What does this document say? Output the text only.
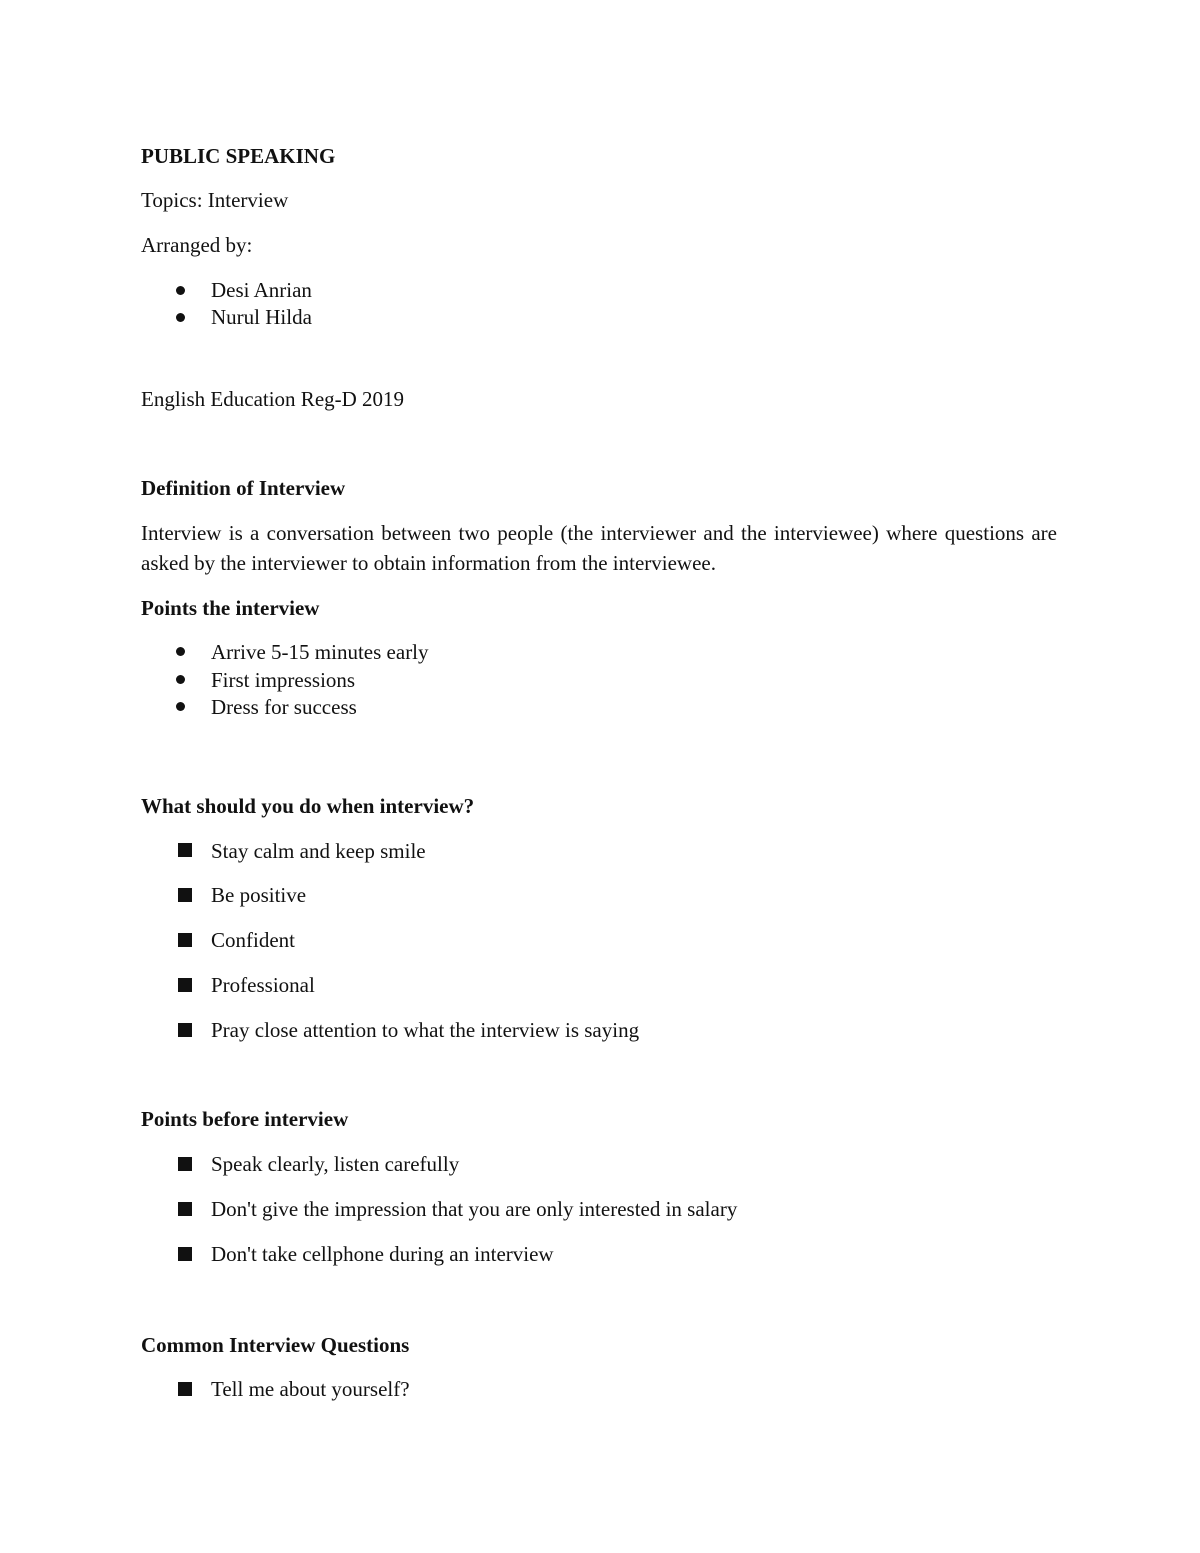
PUBLIC SPEAKING

Topics: Interview

Arranged by:

Desi Anrian

Nurul Hilda

English Education Reg-D 2019

Definition of Interview

Interview is a conversation between two people (the interviewer and the interviewee) where questions are asked by the interviewer to obtain information from the interviewee.

Points the interview

Arrive 5-15 minutes early

First impressions

Dress for success

What should you do when interview?

Stay calm and keep smile

Be positive

Confident

Professional

Pray close attention to what the interview is saying

Points before interview

Speak clearly, listen carefully

Don't give the impression that you are only interested in salary

Don't take cellphone during an interview

Common Interview Questions

Tell me about yourself?
